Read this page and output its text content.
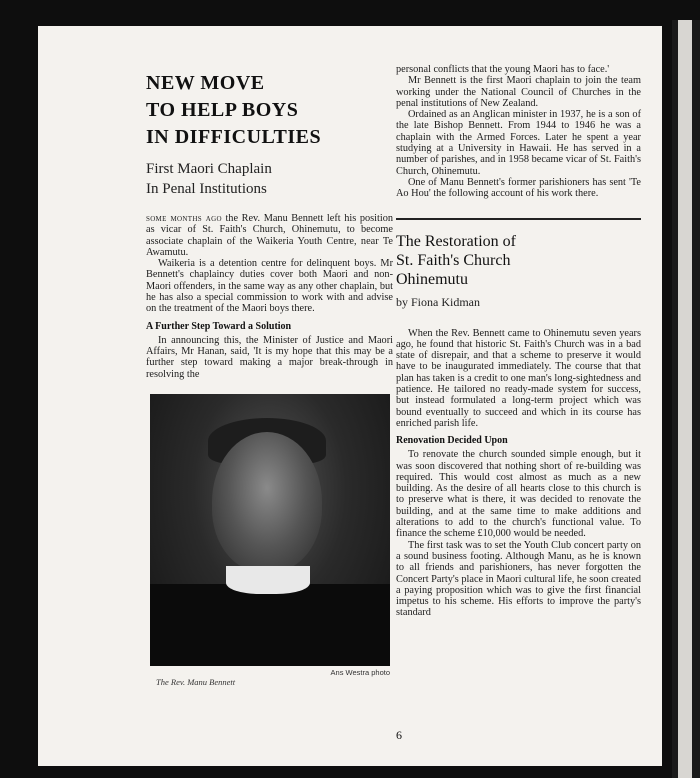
NEW MOVE
TO HELP BOYS
IN DIFFICULTIES
First Maori Chaplain
In Penal Institutions

some months ago the Rev. Manu Bennett left his position as vicar of St. Faith's Church, Ohinemutu, to become associate chaplain of the Waikeria Youth Centre, near Te Awamutu.

Waikeria is a detention centre for delinquent boys. Mr Bennett's chaplaincy duties cover both Maori and non-Maori offenders, in the same way as any other chaplain, but he has also a special commission to work with and advise on the treatment of the Maori boys there.

A Further Step Toward a Solution

In announcing this, the Minister of Justice and Maori Affairs, Mr Hanan, said, 'It is my hope that this may be a further step toward making a major break-through in resolving the

Ans Westra photo
The Rev. Manu Bennett

personal conflicts that the young Maori has to face.'

Mr Bennett is the first Maori chaplain to join the team working under the National Council of Churches in the penal institutions of New Zealand.

Ordained as an Anglican minister in 1937, he is a son of the late Bishop Bennett. From 1944 to 1946 he was a chaplain with the Armed Forces. Later he spent a year studying at a University in Hawaii. He has served in a number of parishes, and in 1958 became vicar of St. Faith's Church, Ohinemutu.

One of Manu Bennett's former parishioners has sent 'Te Ao Hou' the following account of his work there.

The Restoration of
St. Faith's Church
Ohinemutu
by Fiona Kidman

When the Rev. Bennett came to Ohinemutu seven years ago, he found that historic St. Faith's Church was in a bad state of disrepair, and that a scheme to preserve it would have to be inaugurated immediately. The course that that plan has taken is a credit to one man's long-sightedness and patience. He tailored no ready-made system for success, but instead formulated a long-term project which was bound eventually to succeed and which in its course has enriched parish life.

Renovation Decided Upon

To renovate the church sounded simple enough, but it was soon discovered that nothing short of re-building was required. This would cost almost as much as a new building. As the desire of all hearts close to this church is to preserve what is there, it was decided to renovate the building, and at the same time to make additions and alterations to add to the church's functional value. To finance the scheme £10,000 would be needed.

The first task was to set the Youth Club concert party on a sound business footing. Although Manu, as he is known to all friends and parishioners, has never forgotten the Concert Party's place in Maori cultural life, he soon created a paying proposition which was to give the first financial impetus to his scheme. His efforts to improve the party's standard

6
